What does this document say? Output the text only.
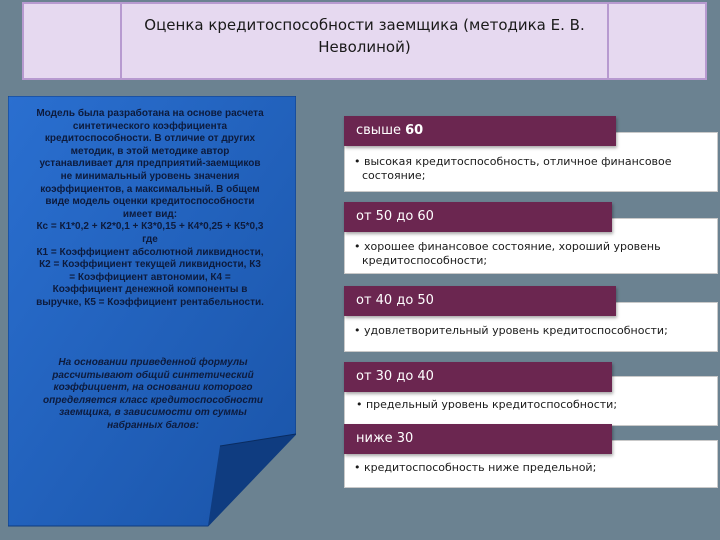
Оценка кредитоспособности заемщика (методика Е. В.
Неволиной)
Модель была разработана на основе расчета
синтетического коэффициента
кредитоспособности. В отличие от других
методик, в этой методике автор
устанавливает для предприятий-заемщиков
не минимальный уровень значения
коэффициентов, а максимальный. В общем
виде модель оценки кредитоспособности
имеет вид:
Кс = К1*0,2 + К2*0,1 + К3*0,15 + К4*0,25 + К5*0,3
где
К1 = Коэффициент абсолютной ликвидности,
К2 = Коэффициент текущей ликвидности, К3
= Коэффициент автономии, К4 =
Коэффициент денежной компоненты в
выручке, К5 = Коэффициент рентабельности.
На основании приведенной формулы
рассчитывают общий синтетический
коэффициент, на основании которого
определяется класс кредитоспособности
заемщика, в зависимости от суммы
набранных балов:
свыше 60
• высокая кредитоспособность, отличное финансовое
состояние;
от 50 до 60
• хорошее финансовое состояние, хороший уровень
кредитоспособности;
от 40 до 50
• удовлетворительный уровень кредитоспособности;
от 30 до 40
• предельный уровень кредитоспособности;
ниже 30
• кредитоспособность ниже предельной;
